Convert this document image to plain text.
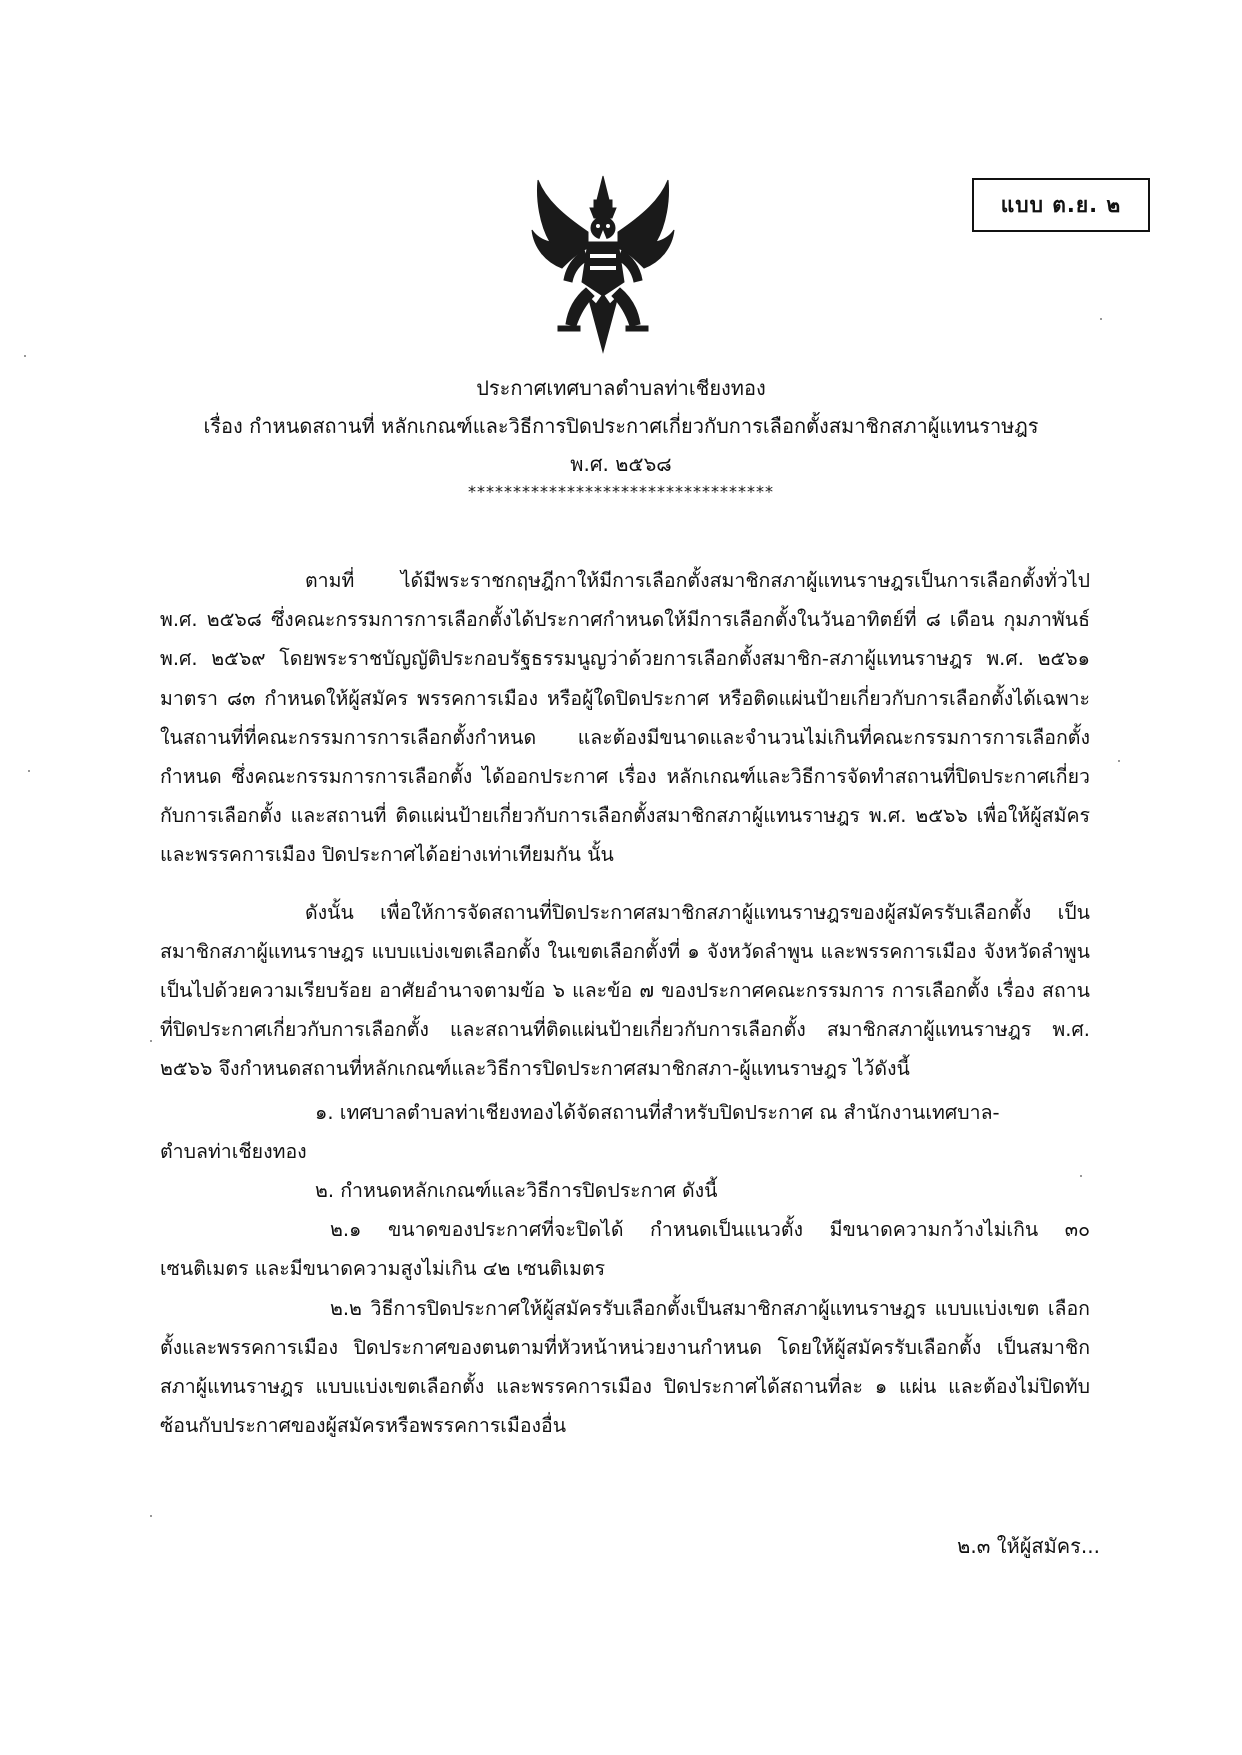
แบบ ต.ย. ๒
ประกาศเทศบาลตำบลท่าเชียงทอง
เรื่อง กำหนดสถานที่ หลักเกณฑ์และวิธีการปิดประกาศเกี่ยวกับการเลือกตั้งสมาชิกสภาผู้แทนราษฎร
พ.ศ. ๒๕๖๘
**********************************

ตามที่ ได้มีพระราชกฤษฎีกาให้มีการเลือกตั้งสมาชิกสภาผู้แทนราษฎรเป็นการเลือกตั้งทั่วไป พ.ศ. ๒๕๖๘ ซึ่งคณะกรรมการการเลือกตั้งได้ประกาศกำหนดให้มีการเลือกตั้งในวันอาทิตย์ที่ ๘ เดือน กุมภาพันธ์ พ.ศ. ๒๕๖๙ โดยพระราชบัญญัติประกอบรัฐธรรมนูญว่าด้วยการเลือกตั้งสมาชิก-สภาผู้แทนราษฎร พ.ศ. ๒๕๖๑ มาตรา ๘๓ กำหนดให้ผู้สมัคร พรรคการเมือง หรือผู้ใดปิดประกาศ หรือติดแผ่นป้ายเกี่ยวกับการเลือกตั้งได้เฉพาะในสถานที่ที่คณะกรรมการการเลือกตั้งกำหนด และต้องมีขนาดและจำนวนไม่เกินที่คณะกรรมการการเลือกตั้งกำหนด ซึ่งคณะกรรมการการเลือกตั้ง ได้ออกประกาศ เรื่อง หลักเกณฑ์และวิธีการจัดทำสถานที่ปิดประกาศเกี่ยวกับการเลือกตั้ง และสถานที่ ติดแผ่นป้ายเกี่ยวกับการเลือกตั้งสมาชิกสภาผู้แทนราษฎร พ.ศ. ๒๕๖๖ เพื่อให้ผู้สมัครและพรรคการเมือง ปิดประกาศได้อย่างเท่าเทียมกัน นั้น

ดังนั้น เพื่อให้การจัดสถานที่ปิดประกาศสมาชิกสภาผู้แทนราษฎรของผู้สมัครรับเลือกตั้ง เป็นสมาชิกสภาผู้แทนราษฎร แบบแบ่งเขตเลือกตั้ง ในเขตเลือกตั้งที่ ๑ จังหวัดลำพูน และพรรคการเมือง จังหวัดลำพูน เป็นไปด้วยความเรียบร้อย อาศัยอำนาจตามข้อ ๖ และข้อ ๗ ของประกาศคณะกรรมการ การเลือกตั้ง เรื่อง สถานที่ปิดประกาศเกี่ยวกับการเลือกตั้ง และสถานที่ติดแผ่นป้ายเกี่ยวกับการเลือกตั้ง สมาชิกสภาผู้แทนราษฎร พ.ศ. ๒๕๖๖ จึงกำหนดสถานที่หลักเกณฑ์และวิธีการปิดประกาศสมาชิกสภา-ผู้แทนราษฎร ไว้ดังนี้

๑. เทศบาลตำบลท่าเชียงทองได้จัดสถานที่สำหรับปิดประกาศ ณ สำนักงานเทศบาล-

ตำบลท่าเชียงทอง

๒. กำหนดหลักเกณฑ์และวิธีการปิดประกาศ ดังนี้

๒.๑ ขนาดของประกาศที่จะปิดได้ กำหนดเป็นแนวตั้ง มีขนาดความกว้างไม่เกิน ๓๐ เซนติเมตร และมีขนาดความสูงไม่เกิน ๔๒ เซนติเมตร

๒.๒ วิธีการปิดประกาศให้ผู้สมัครรับเลือกตั้งเป็นสมาชิกสภาผู้แทนราษฎร แบบแบ่งเขต เลือกตั้งและพรรคการเมือง ปิดประกาศของตนตามที่หัวหน้าหน่วยงานกำหนด โดยให้ผู้สมัครรับเลือกตั้ง เป็นสมาชิกสภาผู้แทนราษฎร แบบแบ่งเขตเลือกตั้ง และพรรคการเมือง ปิดประกาศได้สถานที่ละ ๑ แผ่น และต้องไม่ปิดทับซ้อนกับประกาศของผู้สมัครหรือพรรคการเมืองอื่น

๒.๓ ให้ผู้สมัคร...
